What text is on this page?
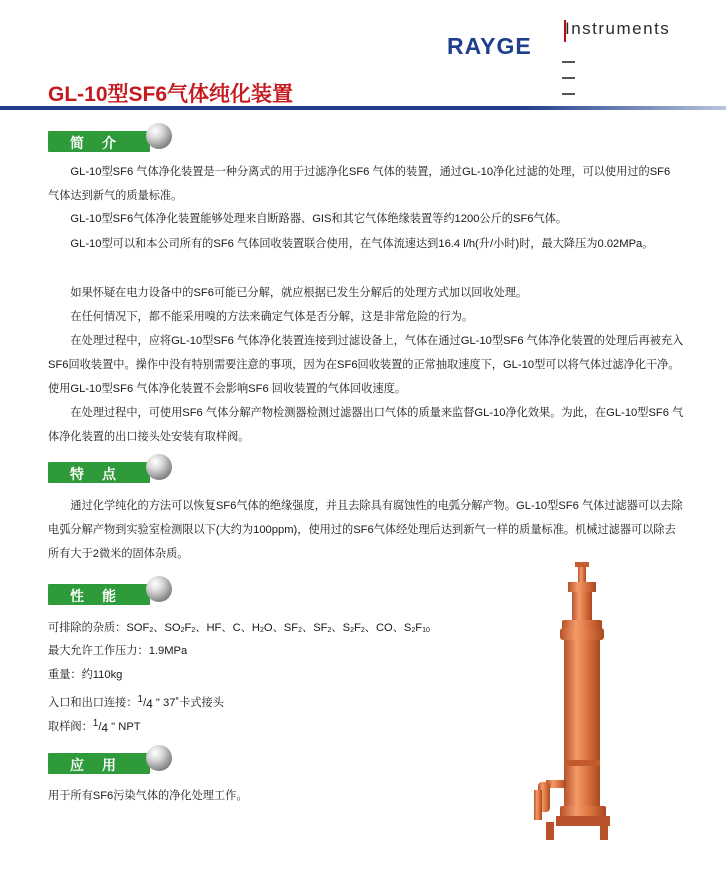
Instruments
RAYGE
GL-10型SF6气体纯化装置
简介
GL-10型SF6 气体净化装置是一种分离式的用于过滤净化SF6 气体的装置，通过GL-10净化过滤的处理，可以使用过的SF6 气体达到新气的质量标准。
GL-10型SF6气体净化装置能够处理来自断路器、GIS和其它气体绝缘装置等约1200公斤的SF6气体。
GL-10型可以和本公司所有的SF6 气体回收装置联合使用，在气体流速达到16.4 l/h(升/小时)时，最大降压为0.02MPa。
如果怀疑在电力设备中的SF6可能已分解，就应根据已发生分解后的处理方式加以回收处理。
在任何情况下，都不能采用嗅的方法来确定气体是否分解，这是非常危险的行为。
在处理过程中，应将GL-10型SF6 气体净化装置连接到过滤设备上，气体在通过GL-10型SF6 气体净化装置的处理后再被充入SF6回收装置中。操作中没有特别需要注意的事项，因为在SF6回收装置的正常抽取速度下，GL-10型可以将气体过滤净化干净。使用GL-10型SF6 气体净化装置不会影响SF6 回收装置的气体回收速度。
在处理过程中，可使用SF6 气体分解产物检测器检测过滤器出口气体的质量来监督GL-10净化效果。为此，在GL-10型SF6 气体净化装置的出口接头处安装有取样阀。
特点
通过化学纯化的方法可以恢复SF6气体的绝缘强度，并且去除具有腐蚀性的电弧分解产物。GL-10型SF6 气体过滤器可以去除电弧分解产物到实验室检测限以下(大约为100ppm)，使用过的SF6气体经处理后达到新气一样的质量标准。机械过滤器可以除去所有大于2微米的固体杂质。
性能
可排除的杂质：$SOF_2$、$SO_2F_2$、HF、C、$H_2O$、$SF_2$、$SF_2$、$S_2F_2$、CO、$S_2F_{10}$
最大允许工作压力：1.9MPa
重量：约110kg
入口和出口连接：1/4 " 37˚卡式接头
取样阀：1/4 " NPT
应用
用于所有SF6污染气体的净化处理工作。
